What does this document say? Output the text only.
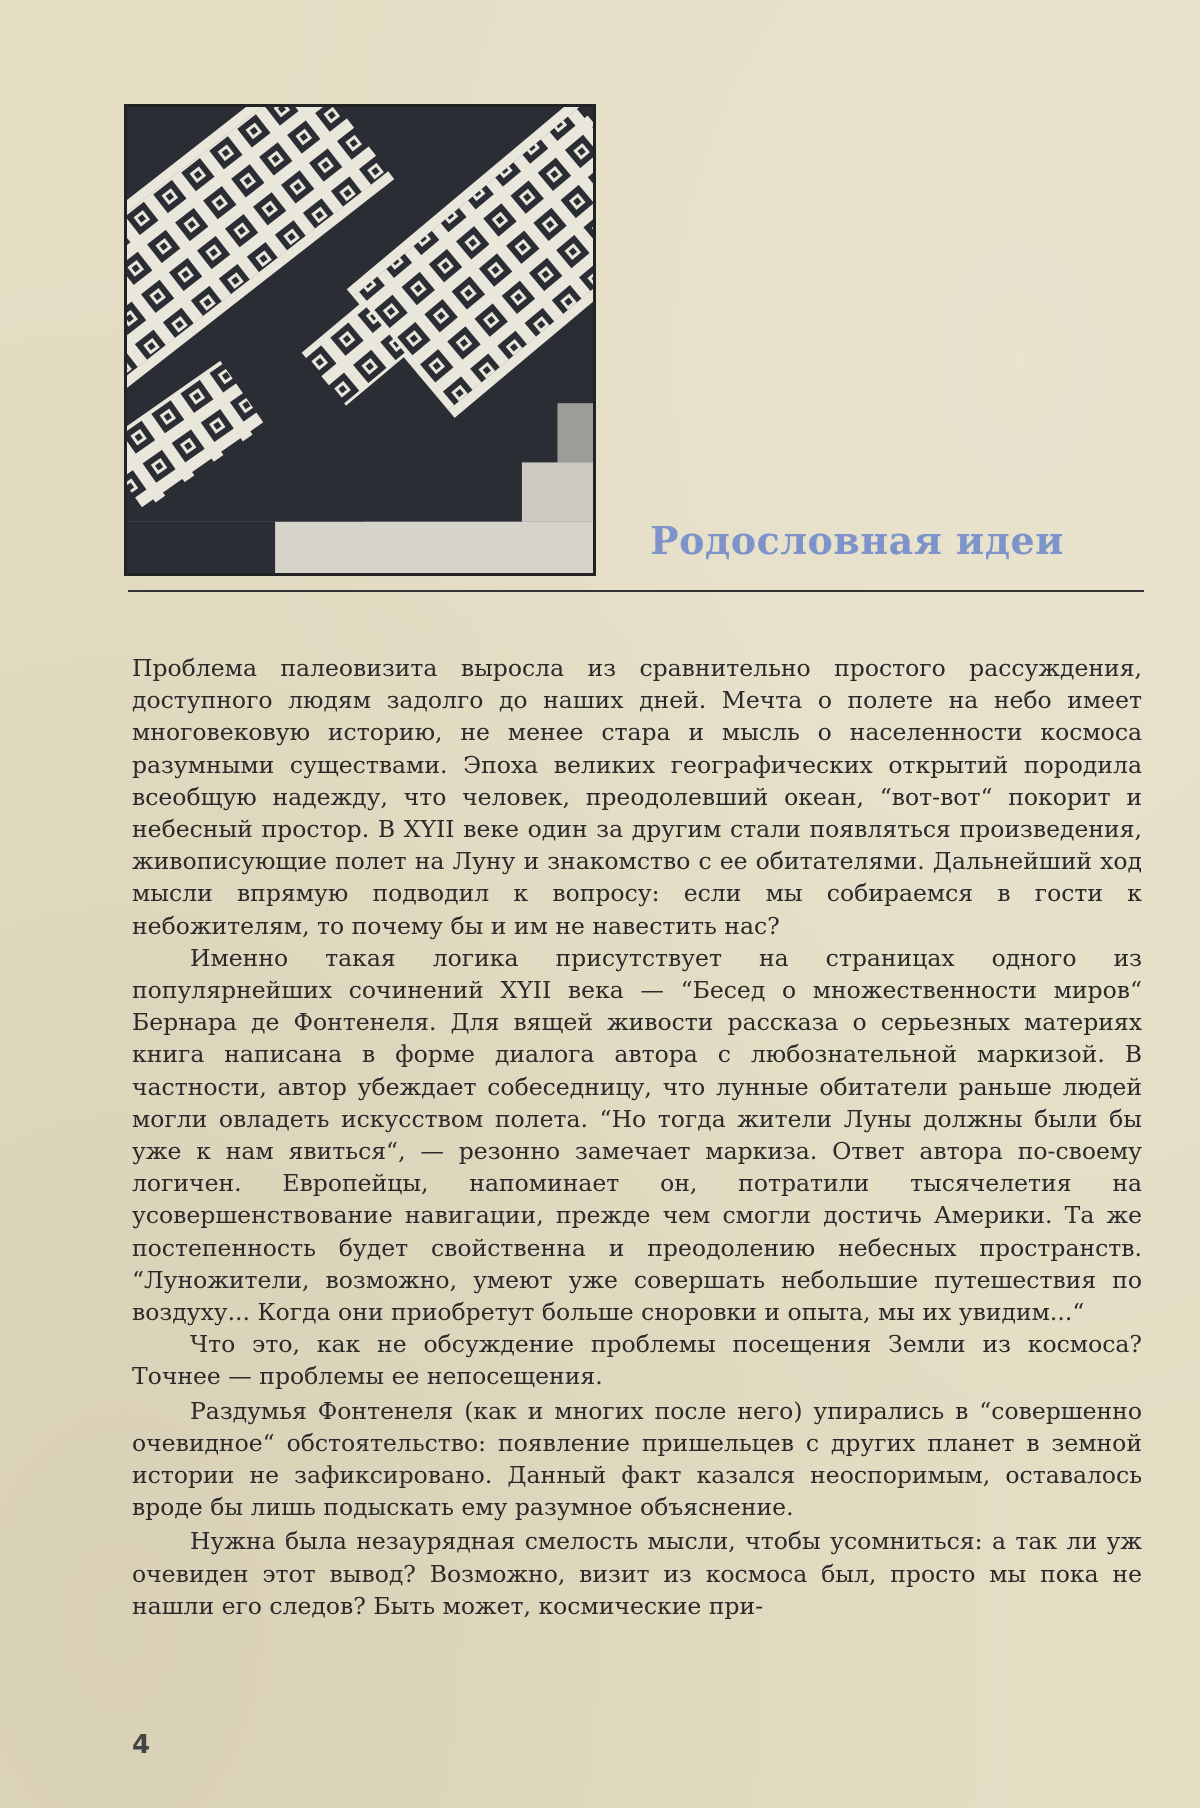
Родословная идеи

Проблема палеовизита выросла из сравнительно простого рассуждения, доступного людям задолго до наших дней. Мечта о полете на небо имеет многовековую историю, не менее стара и мысль о населенности космоса разумными существами. Эпоха великих географических открытий породила всеобщую надежду, что человек, преодолевший океан, “вот-вот“ покорит и небесный простор. В XYII веке один за другим стали появляться произведения, живописующие полет на Луну и знакомство с ее обитателями. Дальнейший ход мысли впрямую подводил к вопросу: если мы собираемся в гости к небожителям, то почему бы и им не навестить нас?

Именно такая логика присутствует на страницах одного из популярнейших сочинений XYII века — “Бесед о множественности миров“ Бернара де Фонтенеля. Для вящей живости рассказа о серьезных материях книга написана в форме диалога автора с любознательной маркизой. В частности, автор убеждает собеседницу, что лунные обитатели раньше людей могли овладеть искусством полета. “Но тогда жители Луны должны были бы уже к нам явиться“, — резонно замечает маркиза. Ответ автора по-своему логичен. Европейцы, напоминает он, потратили тысячелетия на усовершенствование навигации, прежде чем смогли достичь Америки. Та же постепенность будет свойственна и преодолению небесных пространств. “Луножители, возможно, умеют уже совершать небольшие путешествия по воздуху... Когда они приобретут больше сноровки и опыта, мы их увидим...“

Что это, как не обсуждение проблемы посещения Земли из космоса? Точнее — проблемы ее непосещения.

Раздумья Фонтенеля (как и многих после него) упирались в “совершенно очевидное“ обстоятельство: появление пришельцев с других планет в земной истории не зафиксировано. Данный факт казался неоспоримым, оставалось вроде бы лишь подыскать ему разумное объяснение.

Нужна была незаурядная смелость мысли, чтобы усомниться: а так ли уж очевиден этот вывод? Возможно, визит из космоса был, просто мы пока не нашли его следов? Быть может, космические при-

4
